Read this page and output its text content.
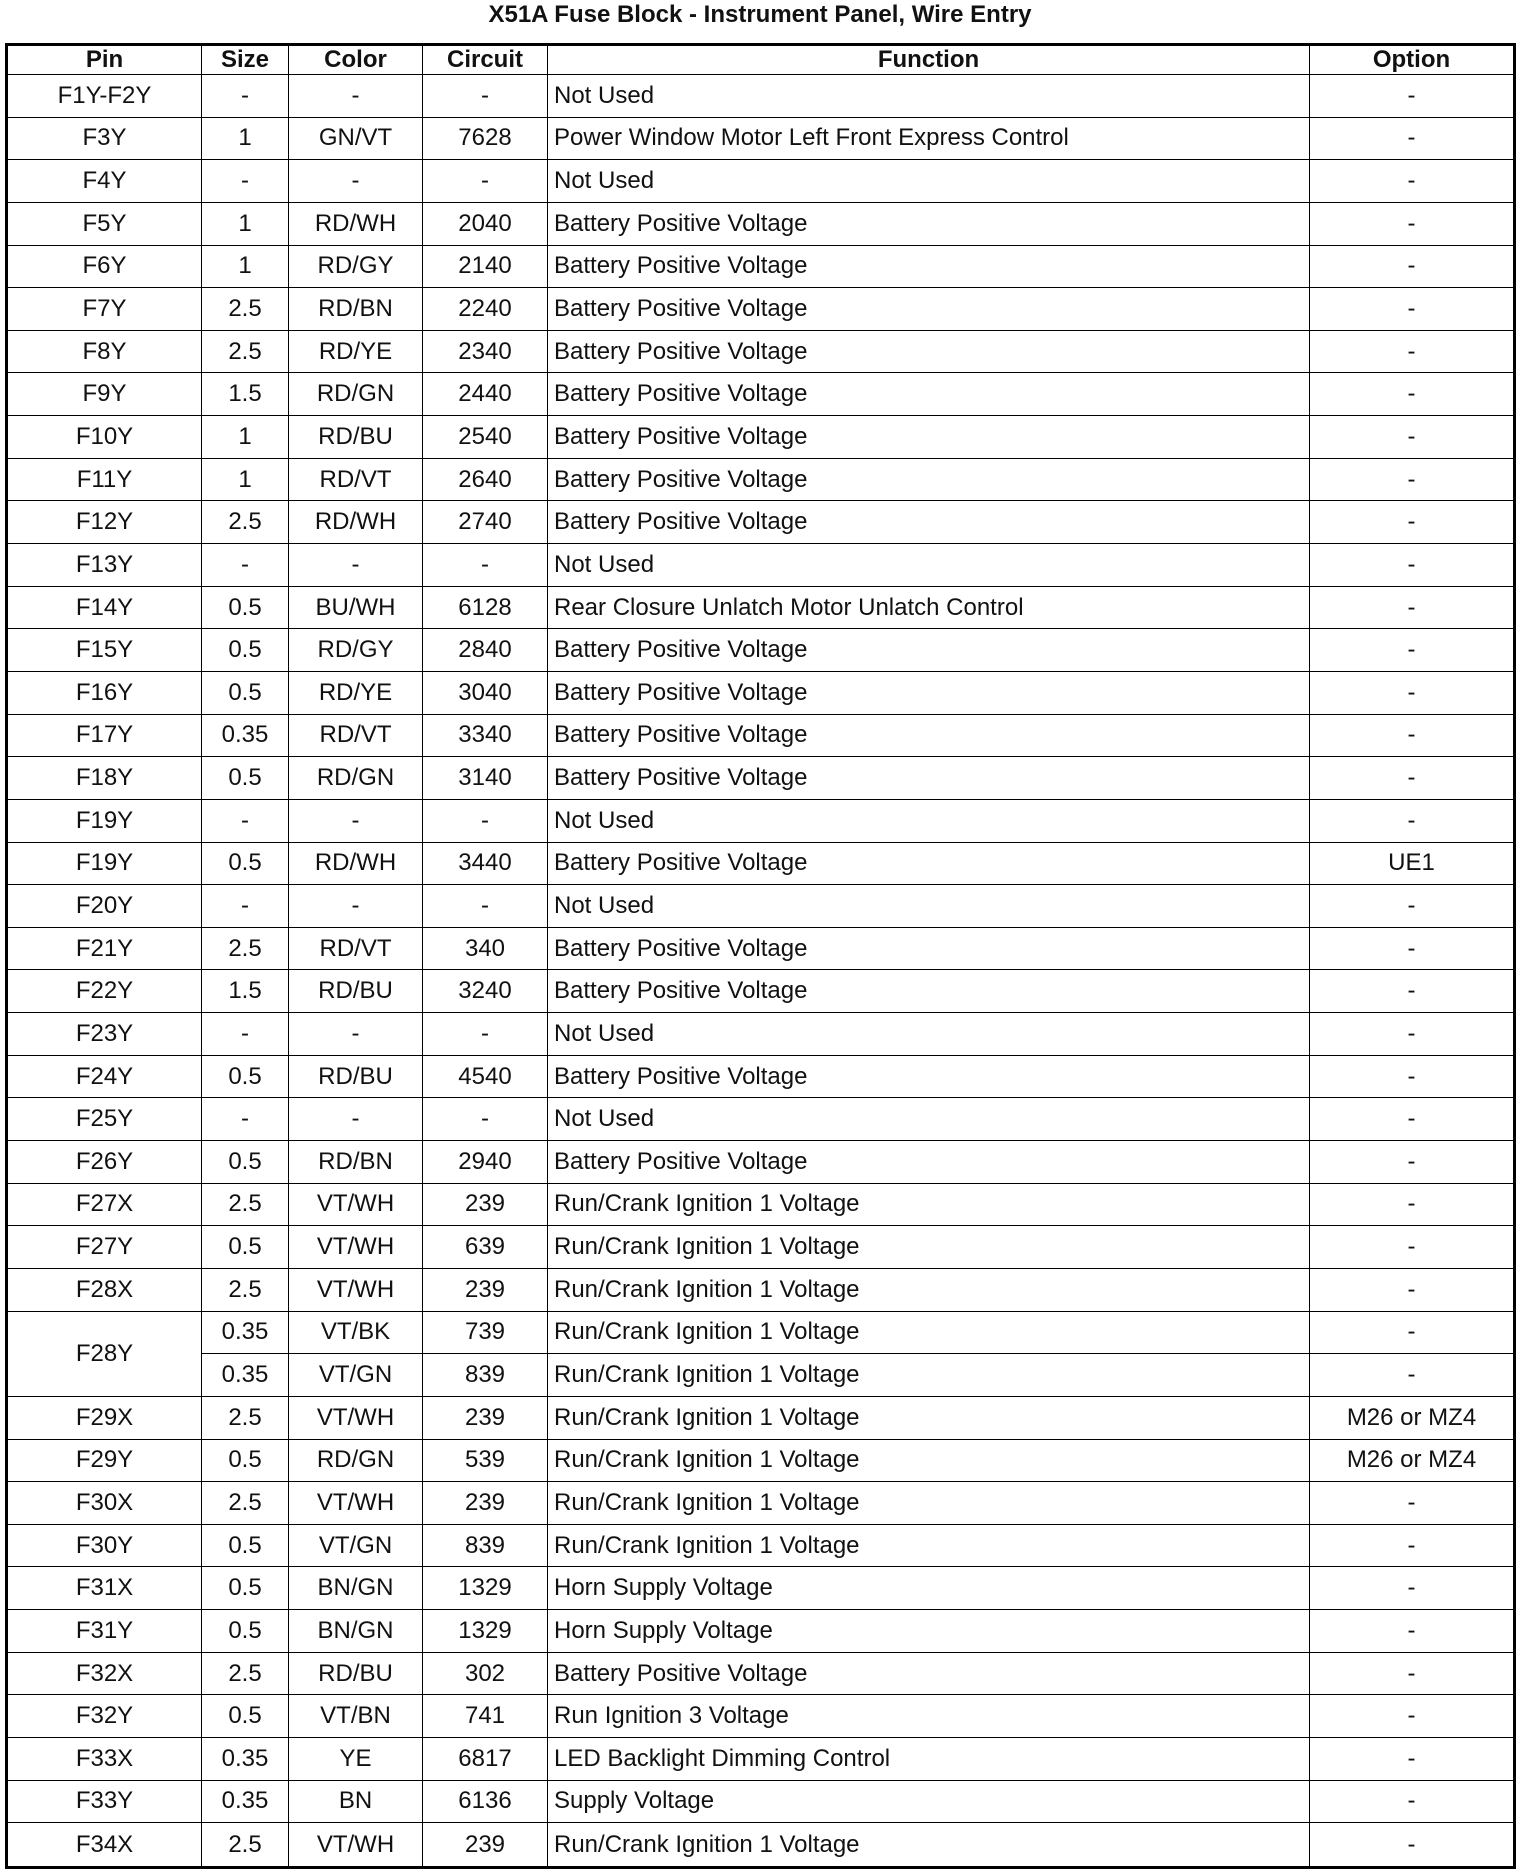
X51A Fuse Block - Instrument Panel, Wire Entry
Pin	Size	Color	Circuit	Function	Option
F1Y-F2Y	-	-	-	Not Used	-
F3Y	1	GN/VT	7628	Power Window Motor Left Front Express Control	-
F4Y	-	-	-	Not Used	-
F5Y	1	RD/WH	2040	Battery Positive Voltage	-
F6Y	1	RD/GY	2140	Battery Positive Voltage	-
F7Y	2.5	RD/BN	2240	Battery Positive Voltage	-
F8Y	2.5	RD/YE	2340	Battery Positive Voltage	-
F9Y	1.5	RD/GN	2440	Battery Positive Voltage	-
F10Y	1	RD/BU	2540	Battery Positive Voltage	-
F11Y	1	RD/VT	2640	Battery Positive Voltage	-
F12Y	2.5	RD/WH	2740	Battery Positive Voltage	-
F13Y	-	-	-	Not Used	-
F14Y	0.5	BU/WH	6128	Rear Closure Unlatch Motor Unlatch Control	-
F15Y	0.5	RD/GY	2840	Battery Positive Voltage	-
F16Y	0.5	RD/YE	3040	Battery Positive Voltage	-
F17Y	0.35	RD/VT	3340	Battery Positive Voltage	-
F18Y	0.5	RD/GN	3140	Battery Positive Voltage	-
F19Y	-	-	-	Not Used	-
F19Y	0.5	RD/WH	3440	Battery Positive Voltage	UE1
F20Y	-	-	-	Not Used	-
F21Y	2.5	RD/VT	340	Battery Positive Voltage	-
F22Y	1.5	RD/BU	3240	Battery Positive Voltage	-
F23Y	-	-	-	Not Used	-
F24Y	0.5	RD/BU	4540	Battery Positive Voltage	-
F25Y	-	-	-	Not Used	-
F26Y	0.5	RD/BN	2940	Battery Positive Voltage	-
F27X	2.5	VT/WH	239	Run/Crank Ignition 1 Voltage	-
F27Y	0.5	VT/WH	639	Run/Crank Ignition 1 Voltage	-
F28X	2.5	VT/WH	239	Run/Crank Ignition 1 Voltage	-
F28Y	0.35	VT/BK	739	Run/Crank Ignition 1 Voltage	-
	0.35	VT/GN	839	Run/Crank Ignition 1 Voltage	-
F29X	2.5	VT/WH	239	Run/Crank Ignition 1 Voltage	M26 or MZ4
F29Y	0.5	RD/GN	539	Run/Crank Ignition 1 Voltage	M26 or MZ4
F30X	2.5	VT/WH	239	Run/Crank Ignition 1 Voltage	-
F30Y	0.5	VT/GN	839	Run/Crank Ignition 1 Voltage	-
F31X	0.5	BN/GN	1329	Horn Supply Voltage	-
F31Y	0.5	BN/GN	1329	Horn Supply Voltage	-
F32X	2.5	RD/BU	302	Battery Positive Voltage	-
F32Y	0.5	VT/BN	741	Run Ignition 3 Voltage	-
F33X	0.35	YE	6817	LED Backlight Dimming Control	-
F33Y	0.35	BN	6136	Supply Voltage	-
F34X	2.5	VT/WH	239	Run/Crank Ignition 1 Voltage	-
